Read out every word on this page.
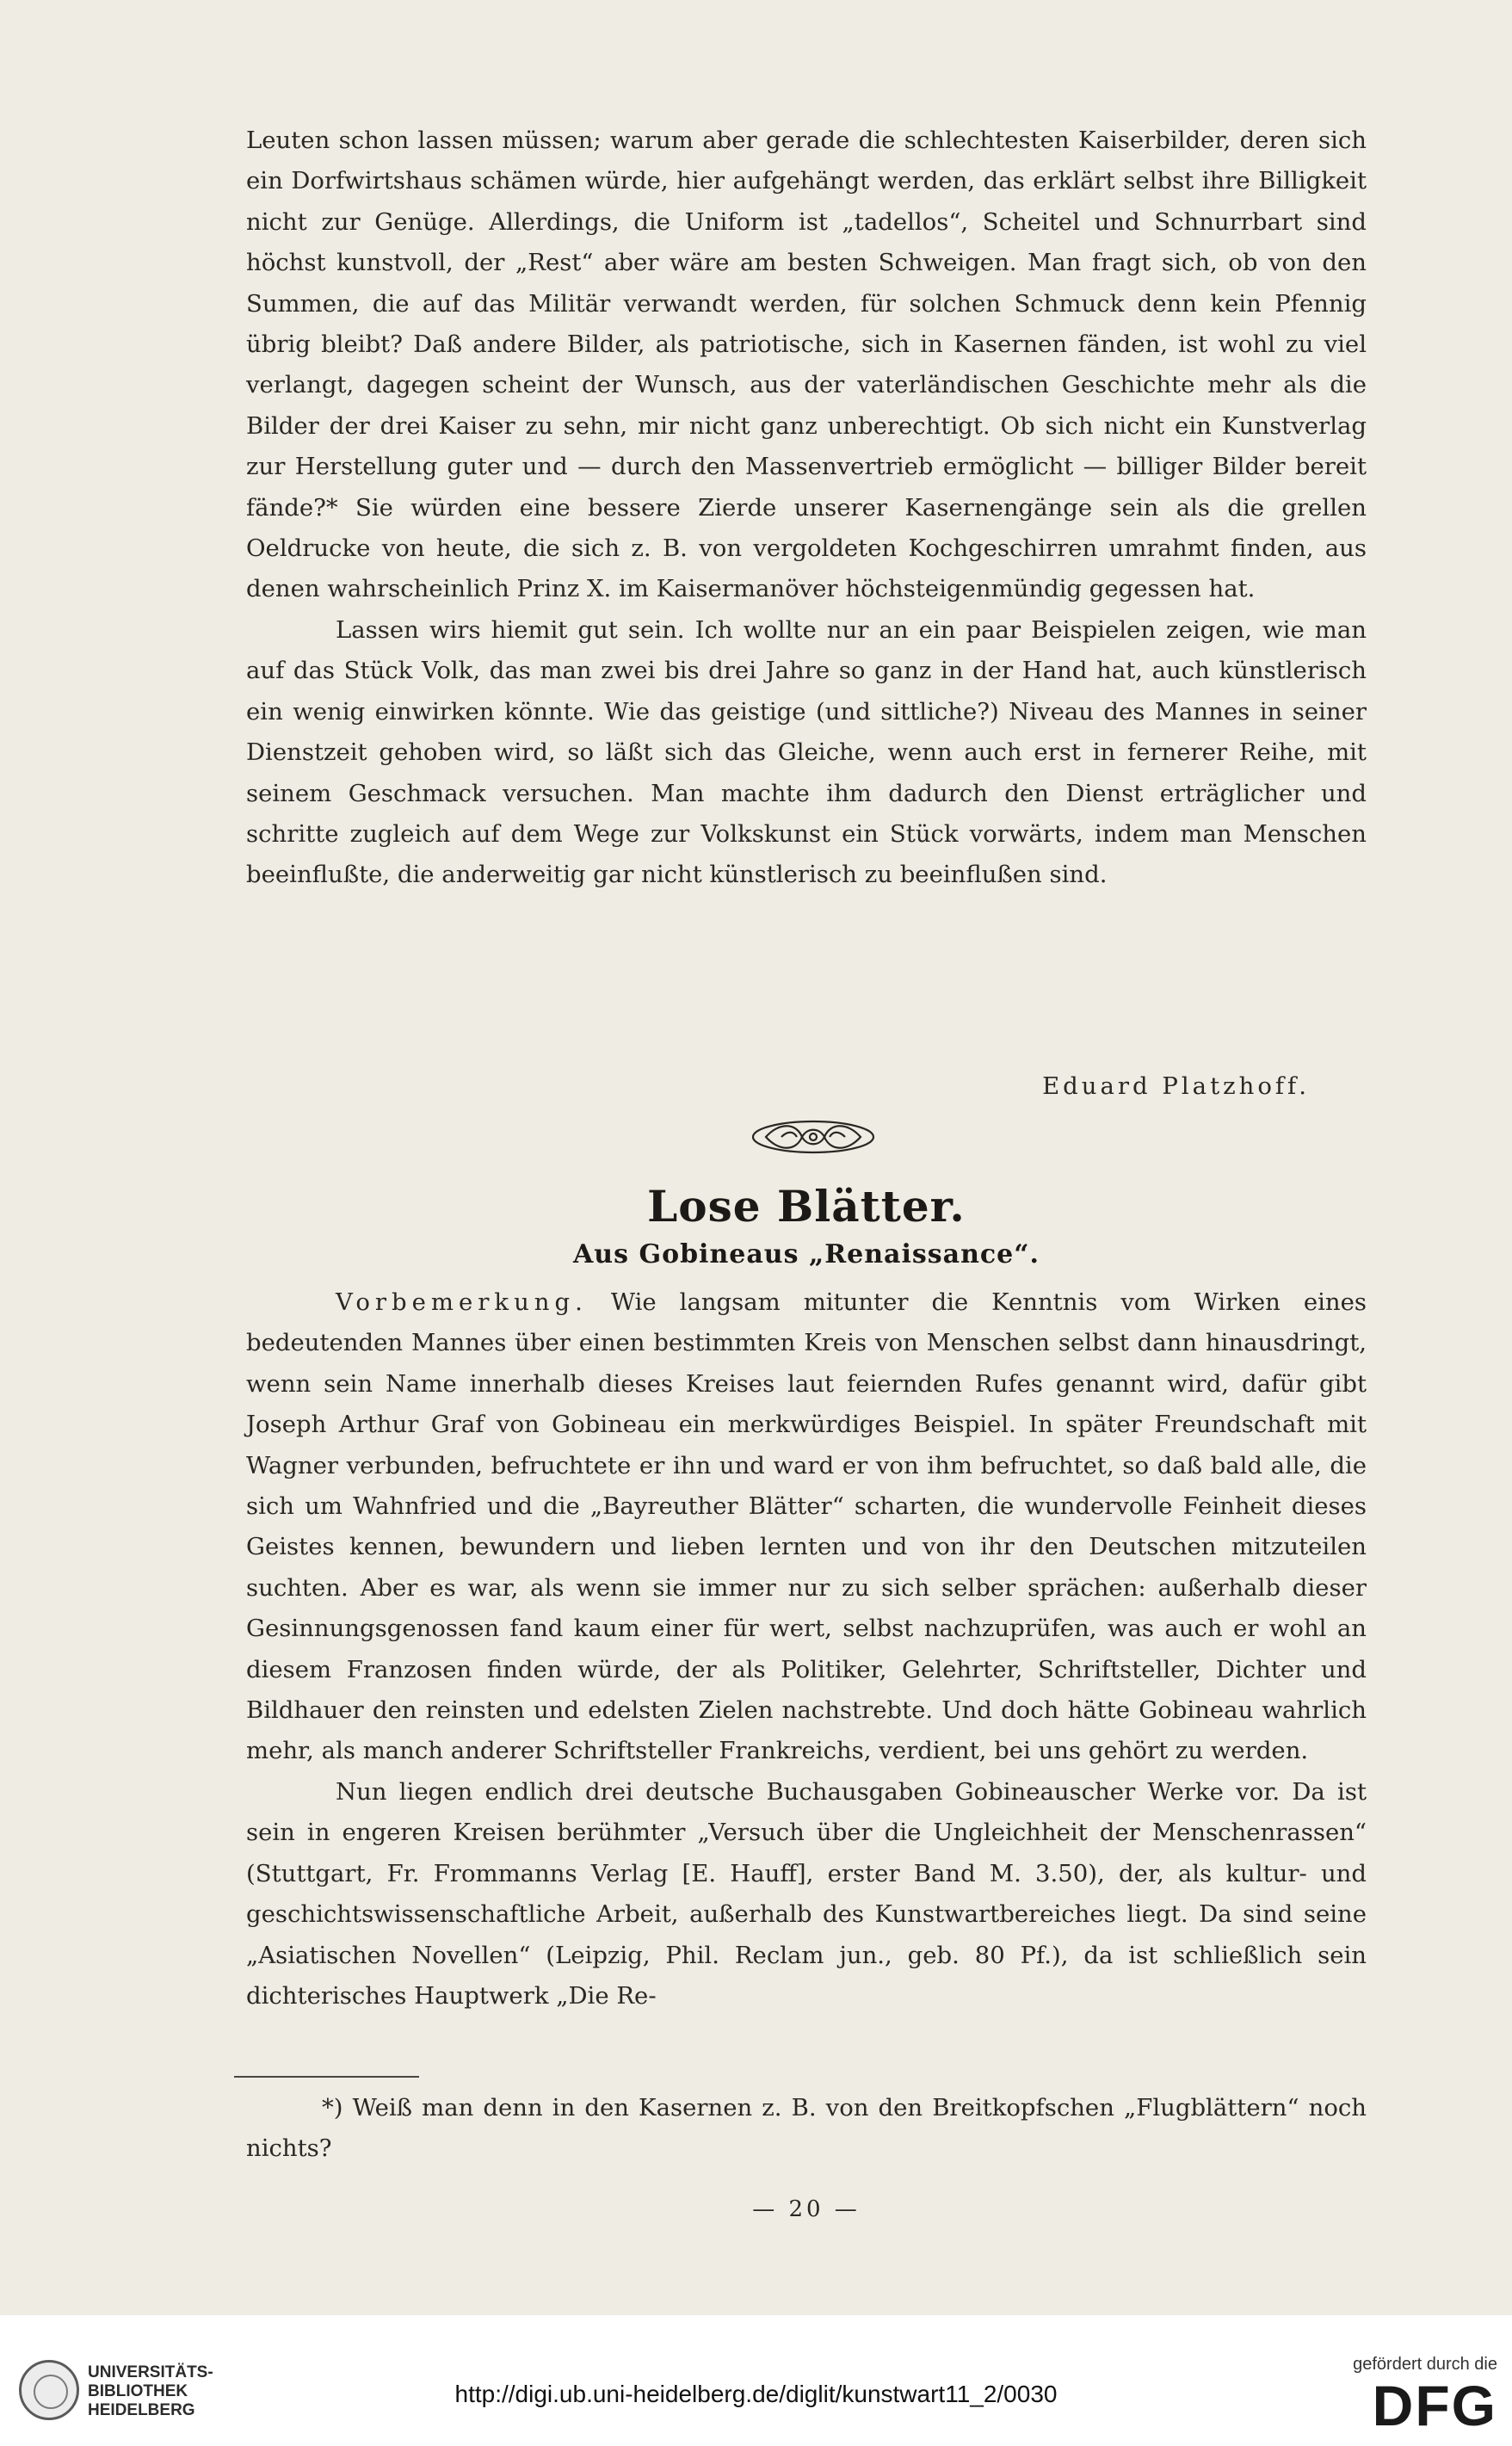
Leuten schon lassen müssen; warum aber gerade die schlechtesten Kaiserbilder, deren sich ein Dorfwirtshaus schämen würde, hier aufgehängt werden, das erklärt selbst ihre Billigkeit nicht zur Genüge. Allerdings, die Uniform ist „tadellos“, Scheitel und Schnurrbart sind höchst kunstvoll, der „Rest“ aber wäre am besten Schweigen. Man fragt sich, ob von den Summen, die auf das Militär verwandt werden, für solchen Schmuck denn kein Pfennig übrig bleibt? Daß andere Bilder, als patriotische, sich in Kasernen fänden, ist wohl zu viel verlangt, dagegen scheint der Wunsch, aus der vaterländischen Geschichte mehr als die Bilder der drei Kaiser zu sehn, mir nicht ganz unberechtigt. Ob sich nicht ein Kunstverlag zur Herstellung guter und — durch den Massenvertrieb ermöglicht — billiger Bilder bereit fände?* Sie würden eine bessere Zierde unserer Kasernengänge sein als die grellen Oeldrucke von heute, die sich z. B. von vergoldeten Kochgeschirren umrahmt finden, aus denen wahrscheinlich Prinz X. im Kaisermanöver höchsteigenmündig gegessen hat.

Lassen wirs hiemit gut sein. Ich wollte nur an ein paar Beispielen zeigen, wie man auf das Stück Volk, das man zwei bis drei Jahre so ganz in der Hand hat, auch künstlerisch ein wenig einwirken könnte. Wie das geistige (und sittliche?) Niveau des Mannes in seiner Dienstzeit gehoben wird, so läßt sich das Gleiche, wenn auch erst in fernerer Reihe, mit seinem Geschmack versuchen. Man machte ihm dadurch den Dienst erträglicher und schritte zugleich auf dem Wege zur Volkskunst ein Stück vorwärts, indem man Menschen beeinflußte, die anderweitig gar nicht künstlerisch zu beeinflußen sind.

Eduard Platzhoff.
Lose Blätter.
Aus Gobineaus „Renaissance“.

Vorbemerkung. Wie langsam mitunter die Kenntnis vom Wirken eines bedeutenden Mannes über einen bestimmten Kreis von Menschen selbst dann hinausdringt, wenn sein Name innerhalb dieses Kreises laut feiernden Rufes genannt wird, dafür gibt Joseph Arthur Graf von Gobineau ein merkwürdiges Beispiel. In später Freundschaft mit Wagner verbunden, befruchtete er ihn und ward er von ihm befruchtet, so daß bald alle, die sich um Wahnfried und die „Bayreuther Blätter“ scharten, die wundervolle Feinheit dieses Geistes kennen, bewundern und lieben lernten und von ihr den Deutschen mitzuteilen suchten. Aber es war, als wenn sie immer nur zu sich selber sprächen: außerhalb dieser Gesinnungsgenossen fand kaum einer für wert, selbst nachzuprüfen, was auch er wohl an diesem Franzosen finden würde, der als Politiker, Gelehrter, Schriftsteller, Dichter und Bildhauer den reinsten und edelsten Zielen nachstrebte. Und doch hätte Gobineau wahrlich mehr, als manch anderer Schriftsteller Frankreichs, verdient, bei uns gehört zu werden.

Nun liegen endlich drei deutsche Buchausgaben Gobineauscher Werke vor. Da ist sein in engeren Kreisen berühmter „Versuch über die Ungleichheit der Menschenrassen“ (Stuttgart, Fr. Frommanns Verlag [E. Hauff], erster Band M. 3.50), der, als kultur- und geschichtswissenschaftliche Arbeit, außerhalb des Kunstwartbereiches liegt. Da sind seine „Asiatischen Novellen“ (Leipzig, Phil. Reclam jun., geb. 80 Pf.), da ist schließlich sein dichterisches Hauptwerk „Die Re-

*) Weiß man denn in den Kasernen z. B. von den Breitkopfschen „Flugblättern“ noch nichts?

— 20 —
UNIVERSITÄTS-
BIBLIOTHEK
HEIDELBERG
http://digi.ub.uni-heidelberg.de/diglit/kunstwart11_2/0030
gefördert durch die
DFG
